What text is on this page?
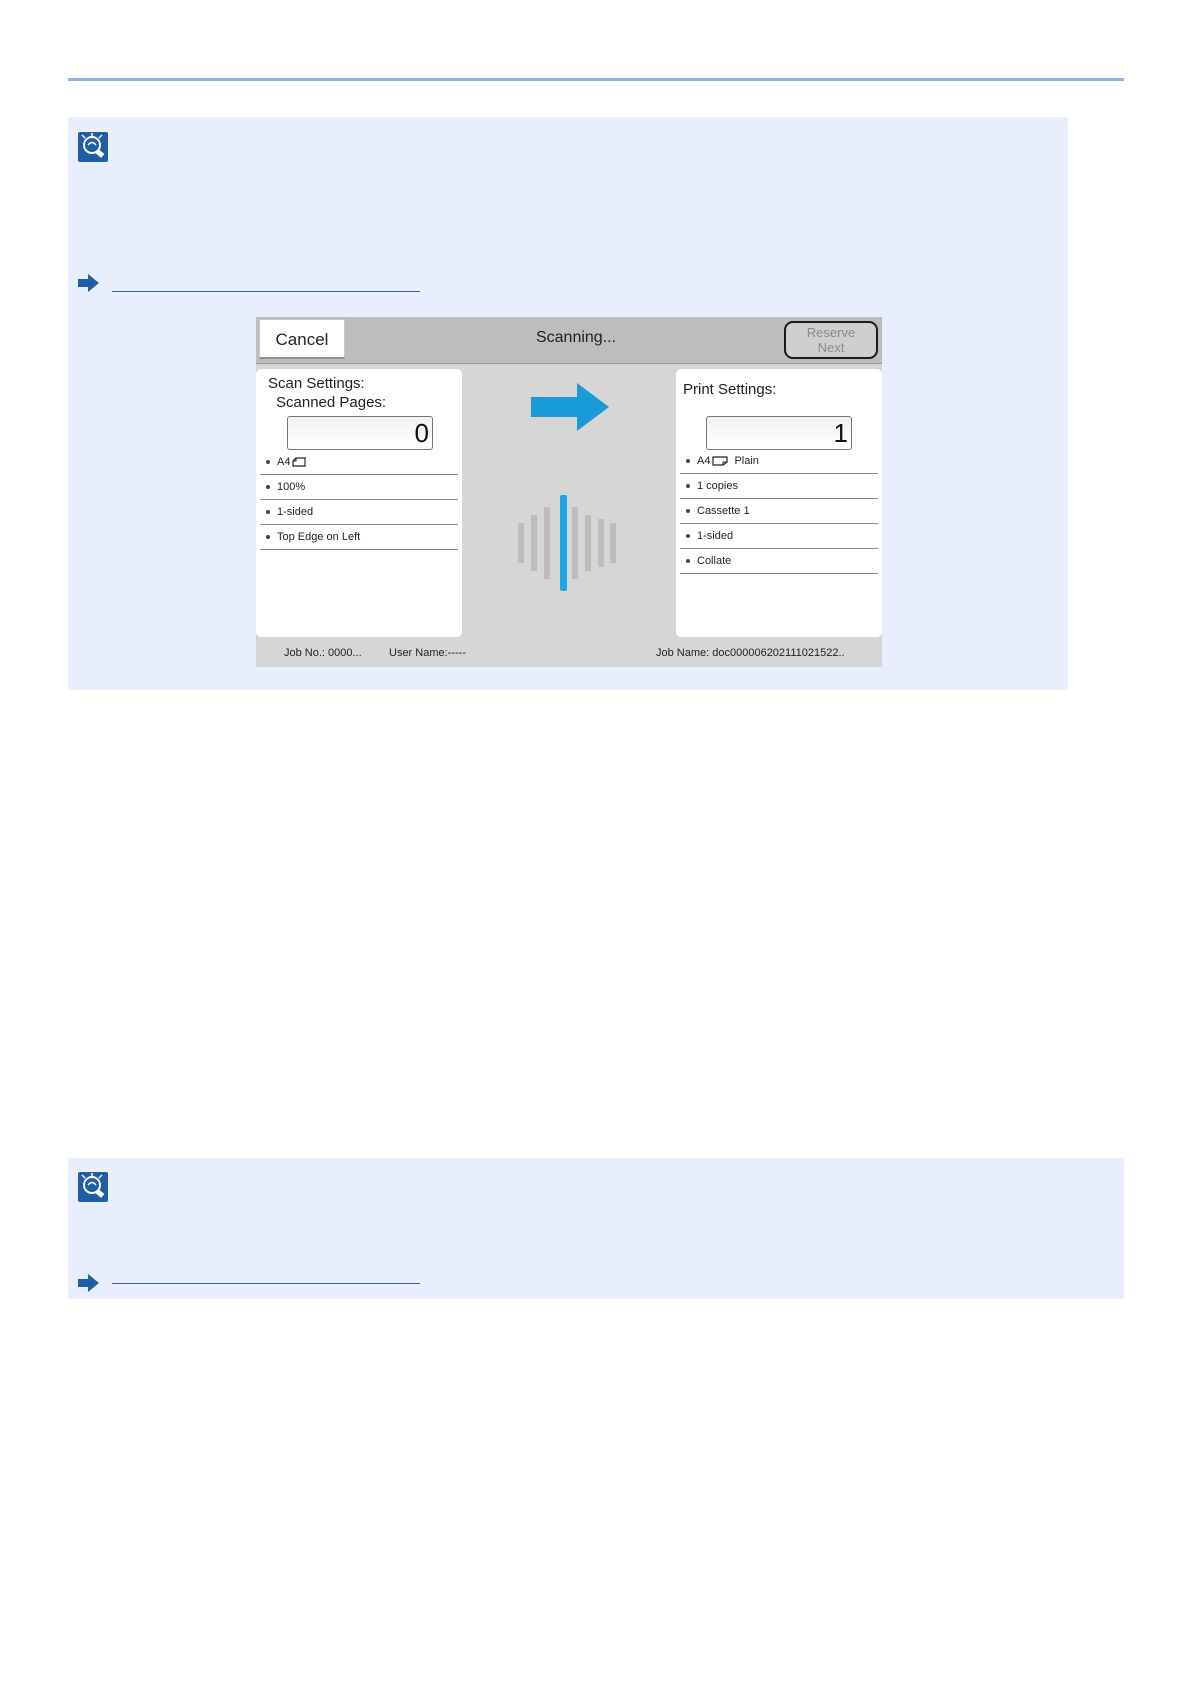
Cancel	Scanning...	Reserve
Next
Scan Settings:
Scanned Pages:
0
A4
100%
1-sided
Top Edge on Left
Print Settings:
1
A4 Plain
1 copies
Cassette 1
1-sided
Collate
Job No.: 0000... User Name:-----	Job Name: doc000006202111021522..
